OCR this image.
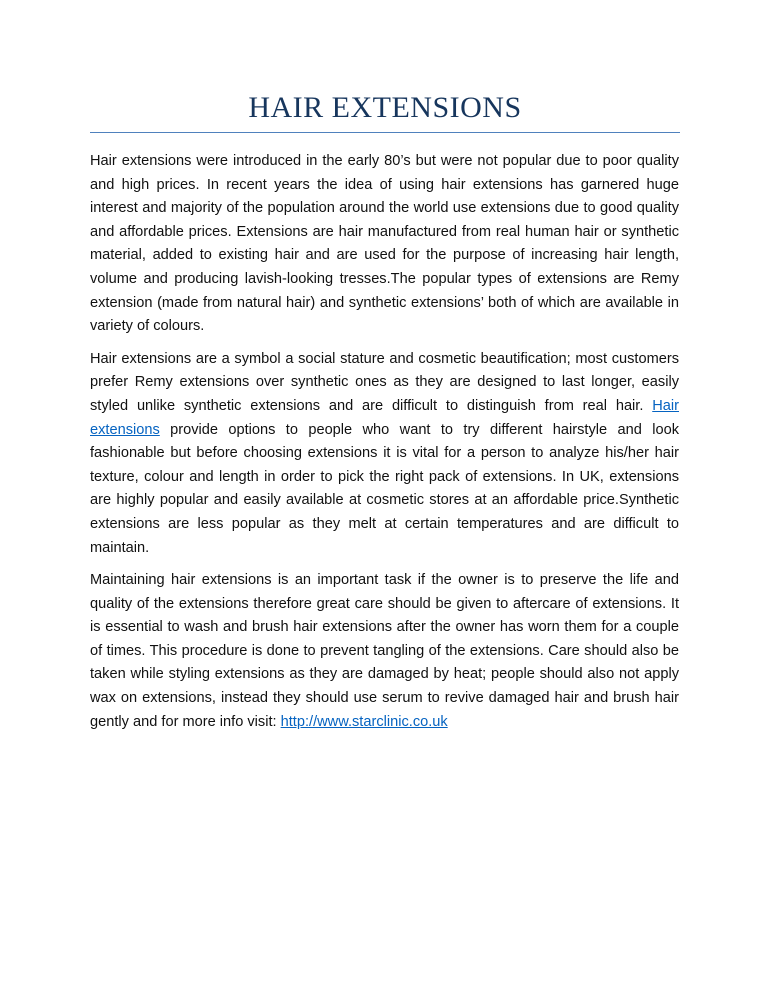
HAIR EXTENSIONS

Hair extensions were introduced in the early 80’s but were not popular due to poor quality and high prices. In recent years the idea of using hair extensions has garnered huge interest and majority of the population around the world use extensions due to good quality and affordable prices. Extensions are hair manufactured from real human hair or synthetic material, added to existing hair and are used for the purpose of increasing hair length, volume and producing lavish-looking tresses.The popular types of extensions are Remy extension (made from natural hair) and synthetic extensions’ both of which are available in variety of colours.

Hair extensions are a symbol a social stature and cosmetic beautification; most customers prefer Remy extensions over synthetic ones as they are designed to last longer, easily styled unlike synthetic extensions and are difficult to distinguish from real hair. Hair extensions provide options to people who want to try different hairstyle and look fashionable but before choosing extensions it is vital for a person to analyze his/her hair texture, colour and length in order to pick the right pack of extensions. In UK, extensions are highly popular and easily available at cosmetic stores at an affordable price.Synthetic extensions are less popular as they melt at certain temperatures and are difficult to maintain.

Maintaining hair extensions is an important task if the owner is to preserve the life and quality of the extensions therefore great care should be given to aftercare of extensions. It is essential to wash and brush hair extensions after the owner has worn them for a couple of times. This procedure is done to prevent tangling of the extensions. Care should also be taken while styling extensions as they are damaged by heat; people should also not apply wax on extensions, instead they should use serum to revive damaged hair and brush hair gently and for more info visit: http://www.starclinic.co.uk
